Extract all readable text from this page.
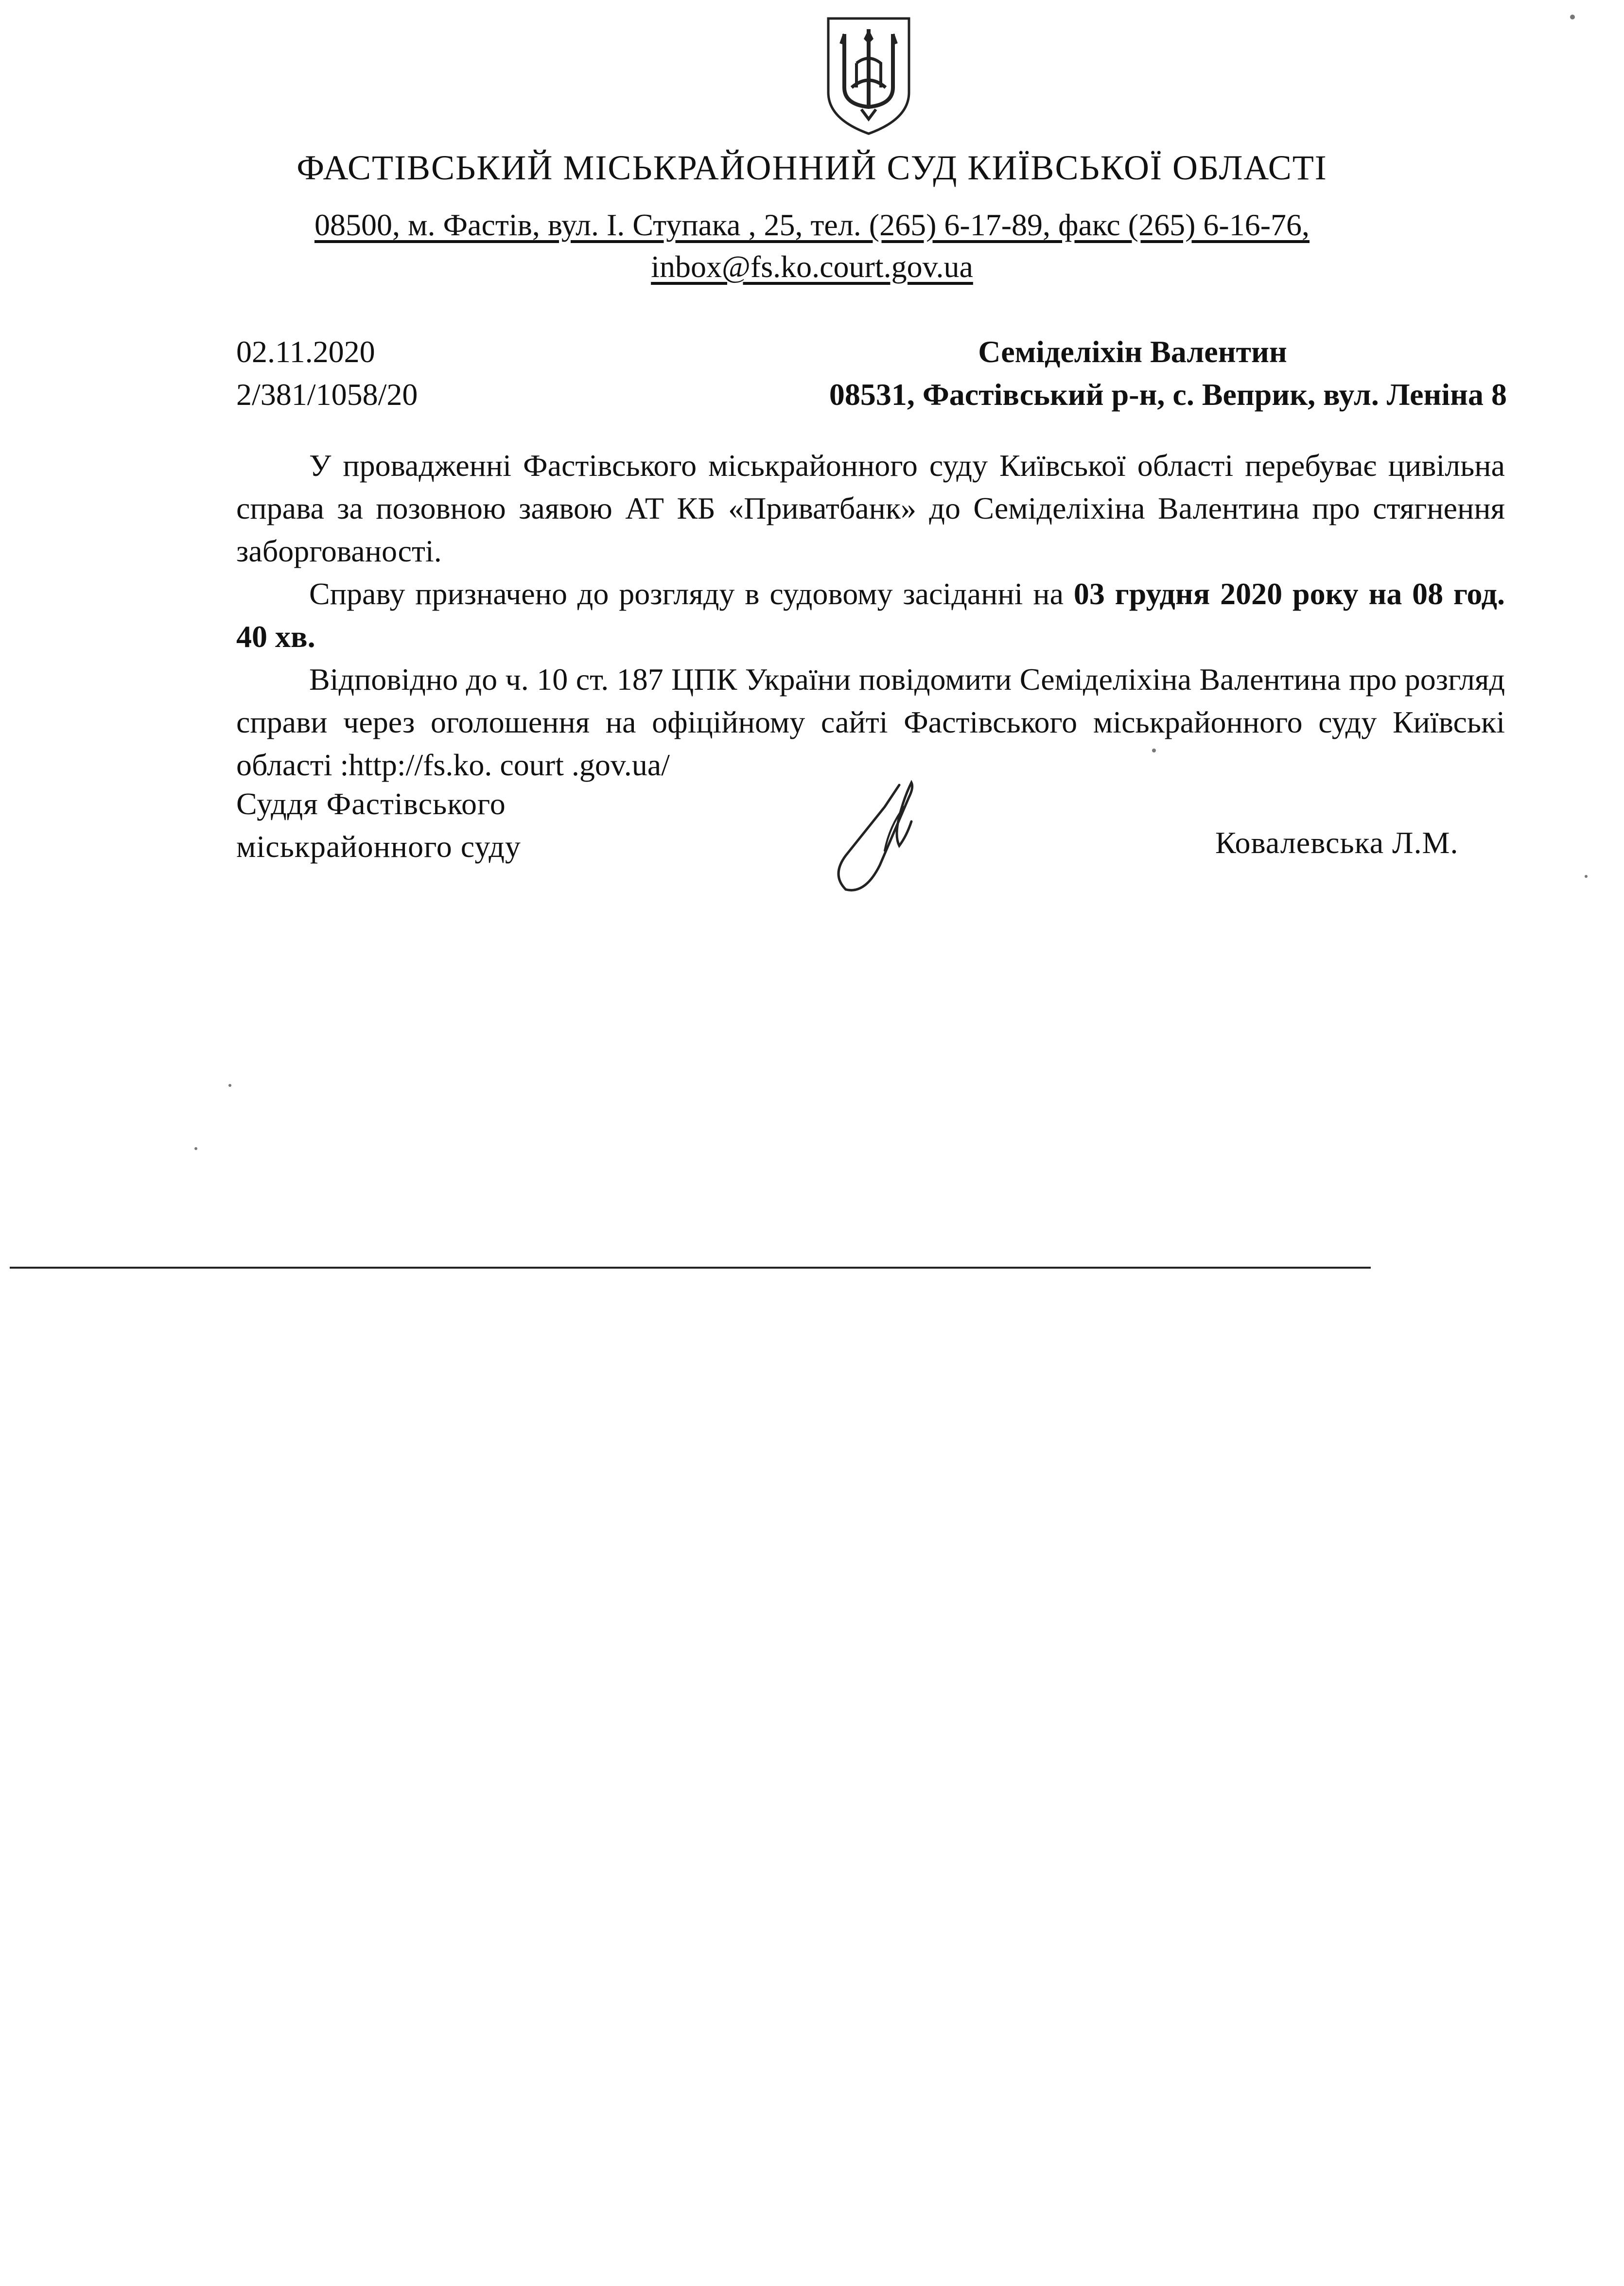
ФАСТІВСЬКИЙ МІСЬКРАЙОННИЙ СУД КИЇВСЬКОЇ ОБЛАСТІ
08500, м. Фастів, вул. І. Ступака , 25, тел. (265) 6-17-89, факс (265) 6-16-76,
inbox@fs.ko.court.gov.ua
02.11.2020
2/381/1058/20
Семіделіхін Валентин
08531, Фастівський р-н, с. Веприк, вул. Леніна 8

У провадженні Фастівського міськрайонного суду Київської області перебуває цивільна справа за позовною заявою АТ КБ «Приватбанк» до Семіделіхіна Валентина про стягнення заборгованості.

Справу призначено до розгляду в судовому засіданні на 03 грудня 2020 року на 08 год. 40 хв.

Відповідно до ч. 10 ст. 187 ЦПК України повідомити Семіделіхіна Валентина про розгляд справи через оголошення на офіційному сайті Фастівського міськрайонного суду Київські області :http://fs.ko. court .gov.ua/

Суддя Фастівського
міськрайонного суду	Ковалевська Л.М.
